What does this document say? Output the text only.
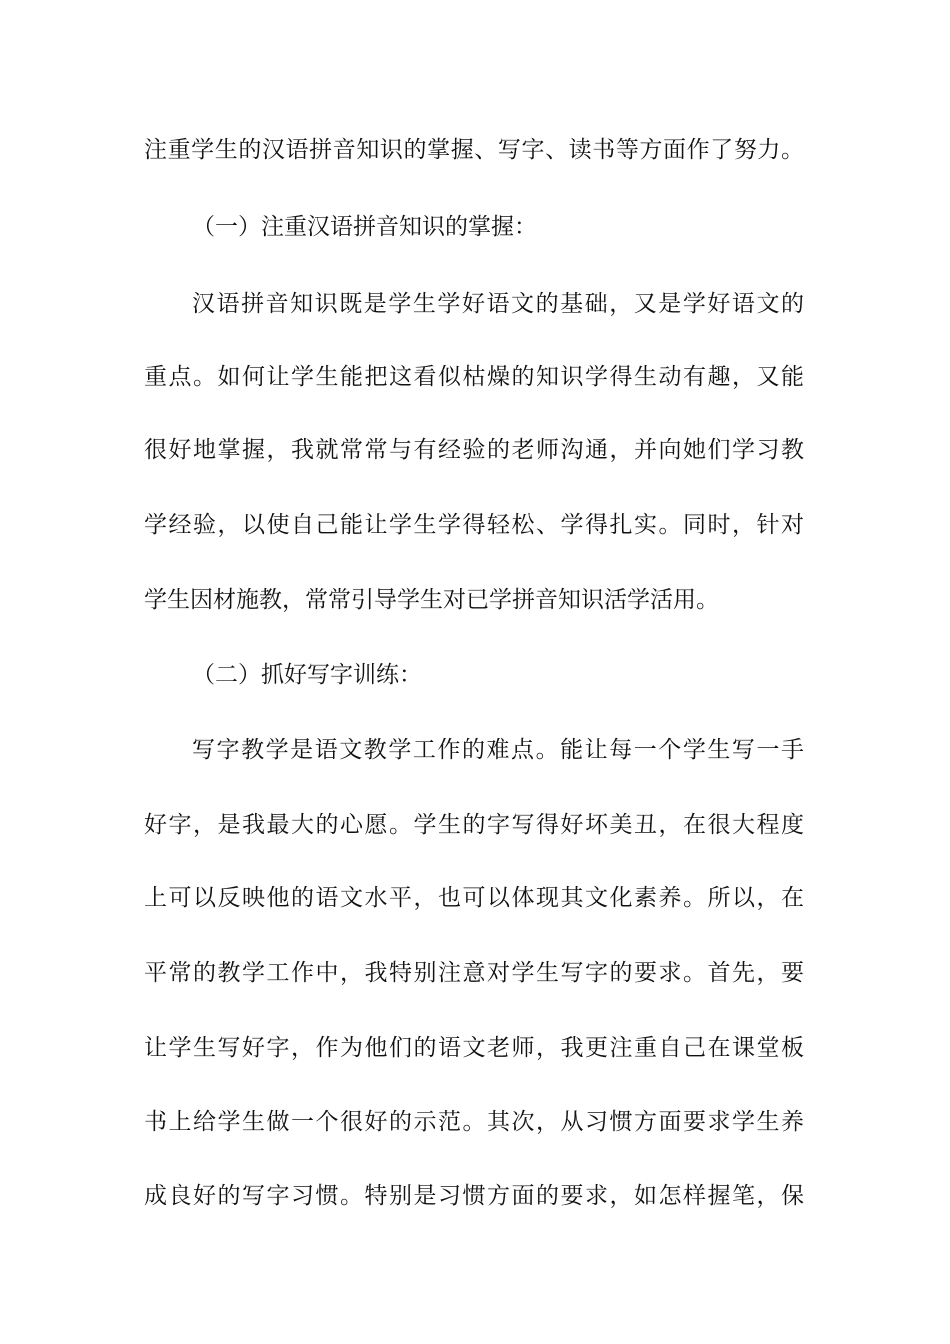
注重学生的汉语拼音知识的掌握、写字、读书等方面作了努力。
（一）注重汉语拼音知识的掌握：
汉语拼音知识既是学生学好语文的基础，又是学好语文的
重点。如何让学生能把这看似枯燥的知识学得生动有趣，又能
很好地掌握，我就常常与有经验的老师沟通，并向她们学习教
学经验，以使自己能让学生学得轻松、学得扎实。同时，针对
学生因材施教，常常引导学生对已学拼音知识活学活用。
（二）抓好写字训练：
写字教学是语文教学工作的难点。能让每一个学生写一手
好字，是我最大的心愿。学生的字写得好坏美丑，在很大程度
上可以反映他的语文水平，也可以体现其文化素养。所以，在
平常的教学工作中，我特别注意对学生写字的要求。首先，要
让学生写好字，作为他们的语文老师，我更注重自己在课堂板
书上给学生做一个很好的示范。其次，从习惯方面要求学生养
成良好的写字习惯。特别是习惯方面的要求，如怎样握笔，保
